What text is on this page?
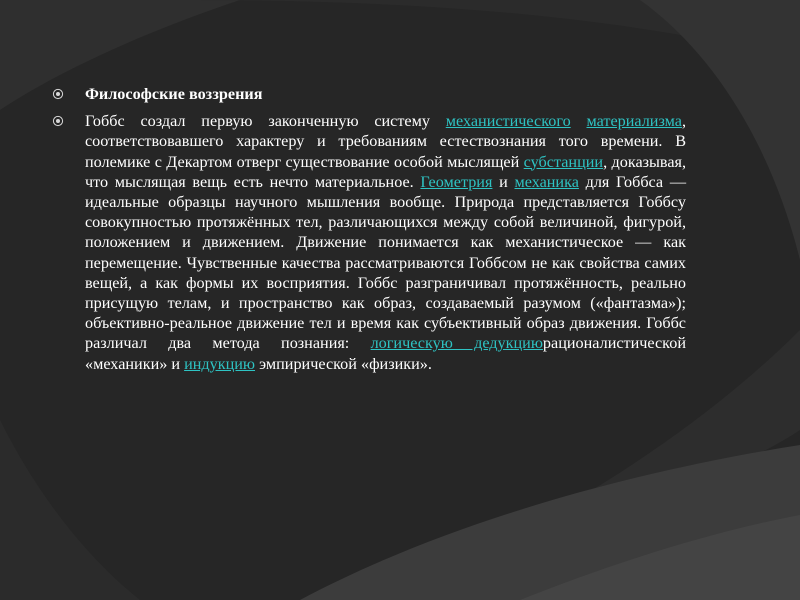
Философские воззрения
Гоббс создал первую законченную систему механистического материализма, соответствовавшего характеру и требованиям естествознания того времени. В полемике с Декартом отверг существование особой мыслящей субстанции, доказывая, что мыслящая вещь есть нечто материальное. Геометрия и механика для Гоббса — идеальные образцы научного мышления вообще. Природа представляется Гоббсу совокупностью протяжённых тел, различающихся между собой величиной, фигурой, положением и движением. Движение понимается как механистическое — как перемещение. Чувственные качества рассматриваются Гоббсом не как свойства самих вещей, а как формы их восприятия. Гоббс разграничивал протяжённость, реально присущую телам, и пространство как образ, создаваемый разумом («фантазма»); объективно-реальное движение тел и время как субъективный образ движения. Гоббс различал два метода познания: логическую дедукциюрационалистической «механики» и индукцию эмпирической «физики».
